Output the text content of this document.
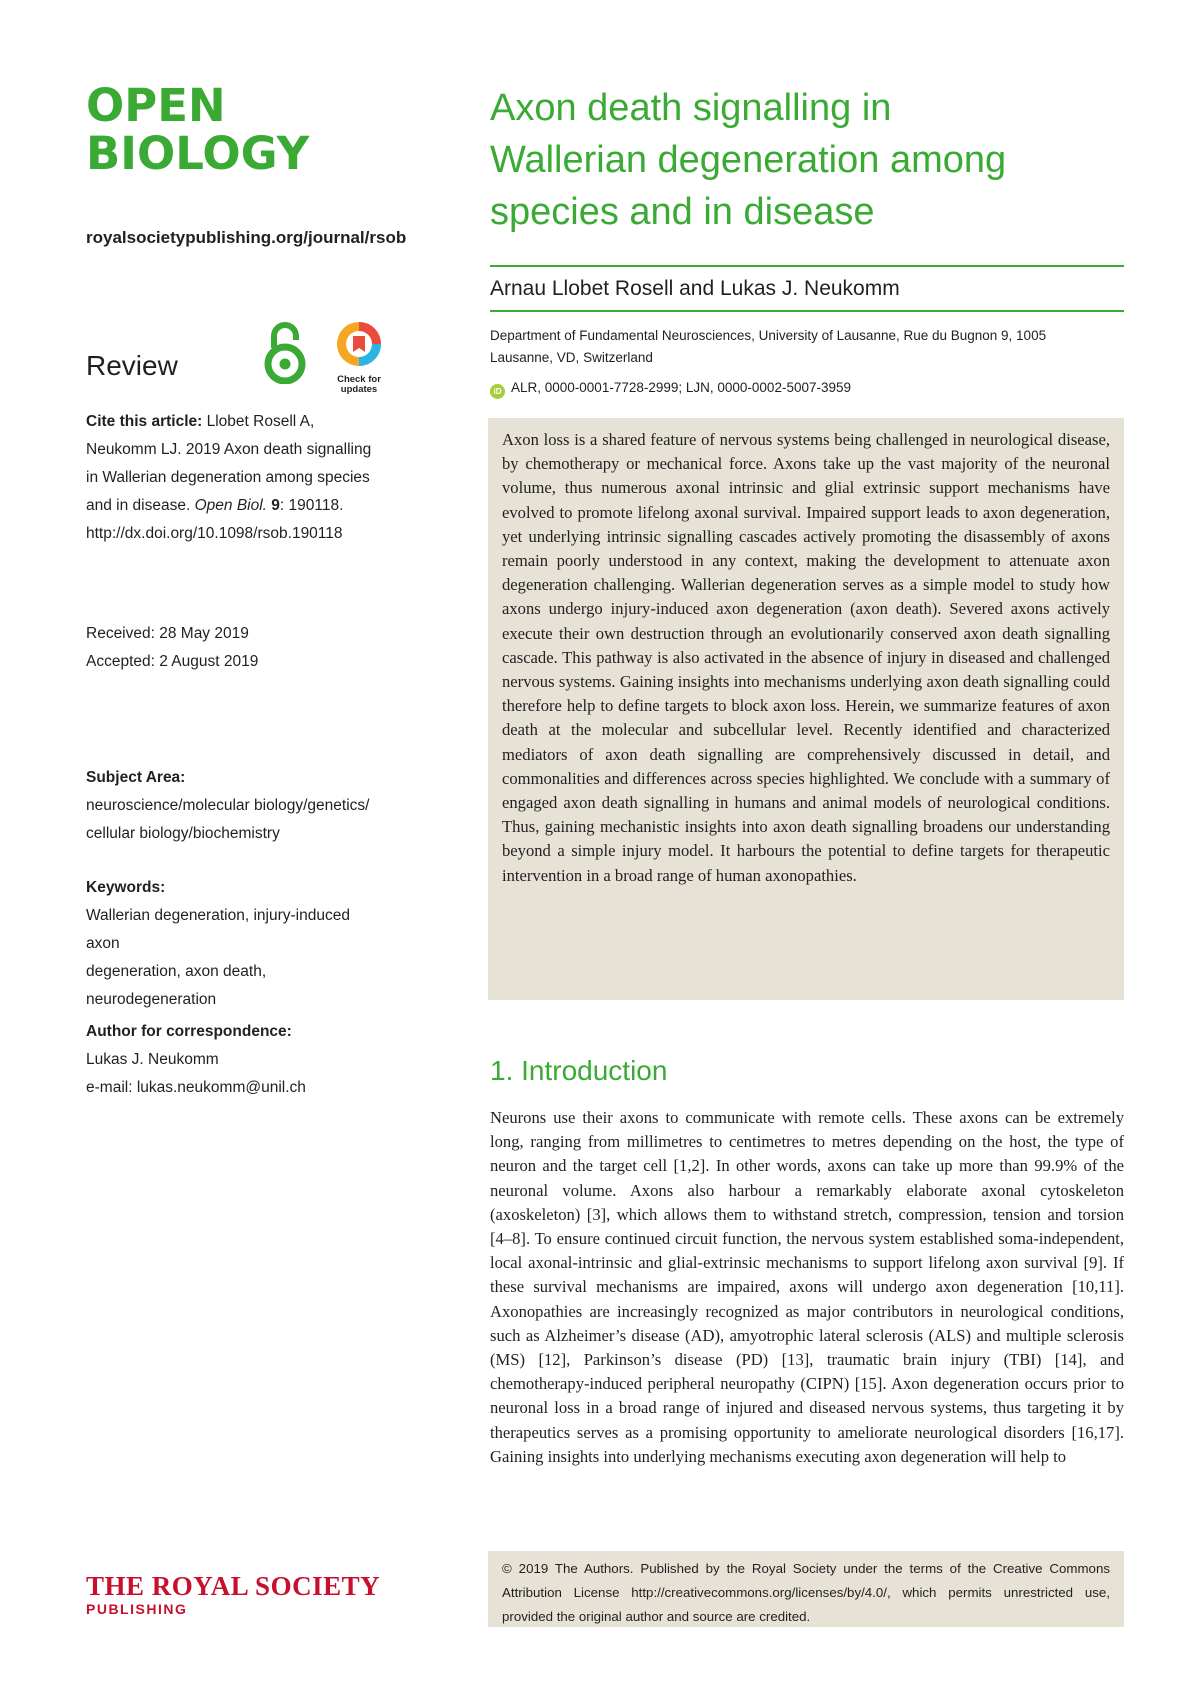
OPEN
BIOLOGY
royalsocietypublishing.org/journal/rsob
Review	Check for updates
Cite this article: Llobet Rosell A, Neukomm LJ. 2019 Axon death signalling in Wallerian degeneration among species and in disease. Open Biol. 9: 190118.
http://dx.doi.org/10.1098/rsob.190118
Received: 28 May 2019
Accepted: 2 August 2019
Subject Area:
neuroscience/molecular biology/genetics/
cellular biology/biochemistry
Keywords:
Wallerian degeneration, injury-induced axon
degeneration, axon death, neurodegeneration
Author for correspondence:
Lukas J. Neukomm
e-mail: lukas.neukomm@unil.ch
THE ROYAL SOCIETY
PUBLISHING
Axon death signalling in Wallerian degeneration among species and in disease
Arnau Llobet Rosell and Lukas J. Neukomm
Department of Fundamental Neurosciences, University of Lausanne, Rue du Bugnon 9, 1005 Lausanne, VD, Switzerland
iD ALR, 0000-0001-7728-2999; LJN, 0000-0002-5007-3959

Axon loss is a shared feature of nervous systems being challenged in neurological disease, by chemotherapy or mechanical force. Axons take up the vast majority of the neuronal volume, thus numerous axonal intrinsic and glial extrinsic support mechanisms have evolved to promote lifelong axonal survival. Impaired support leads to axon degeneration, yet underlying intrinsic signalling cascades actively promoting the disassembly of axons remain poorly understood in any context, making the development to attenuate axon degeneration challenging. Wallerian degeneration serves as a simple model to study how axons undergo injury-induced axon degeneration (axon death). Severed axons actively execute their own destruction through an evolutionarily conserved axon death signalling cascade. This pathway is also activated in the absence of injury in diseased and challenged nervous systems. Gaining insights into mechanisms underlying axon death signalling could therefore help to define targets to block axon loss. Herein, we summarize features of axon death at the molecular and subcellular level. Recently identified and characterized mediators of axon death signalling are comprehensively discussed in detail, and commonalities and differences across species highlighted. We conclude with a summary of engaged axon death signalling in humans and animal models of neurological conditions. Thus, gaining mechanistic insights into axon death signalling broadens our understanding beyond a simple injury model. It harbours the potential to define targets for therapeutic intervention in a broad range of human axonopathies.

1. Introduction

Neurons use their axons to communicate with remote cells. These axons can be extremely long, ranging from millimetres to centimetres to metres depending on the host, the type of neuron and the target cell [1,2]. In other words, axons can take up more than 99.9% of the neuronal volume. Axons also harbour a remarkably elaborate axonal cytoskeleton (axoskeleton) [3], which allows them to withstand stretch, compression, tension and torsion [4–8]. To ensure continued circuit function, the nervous system established soma-independent, local axonal-intrinsic and glial-extrinsic mechanisms to support lifelong axon survival [9]. If these survival mechanisms are impaired, axons will undergo axon degeneration [10,11]. Axonopathies are increasingly recognized as major contributors in neurological conditions, such as Alzheimer’s disease (AD), amyotrophic lateral sclerosis (ALS) and multiple sclerosis (MS) [12], Parkinson’s disease (PD) [13], traumatic brain injury (TBI) [14], and chemotherapy-induced peripheral neuropathy (CIPN) [15]. Axon degeneration occurs prior to neuronal loss in a broad range of injured and diseased nervous systems, thus targeting it by therapeutics serves as a promising opportunity to ameliorate neurological disorders [16,17]. Gaining insights into underlying mechanisms executing axon degeneration will help to

© 2019 The Authors. Published by the Royal Society under the terms of the Creative Commons Attribution License http://creativecommons.org/licenses/by/4.0/, which permits unrestricted use, provided the original author and source are credited.
